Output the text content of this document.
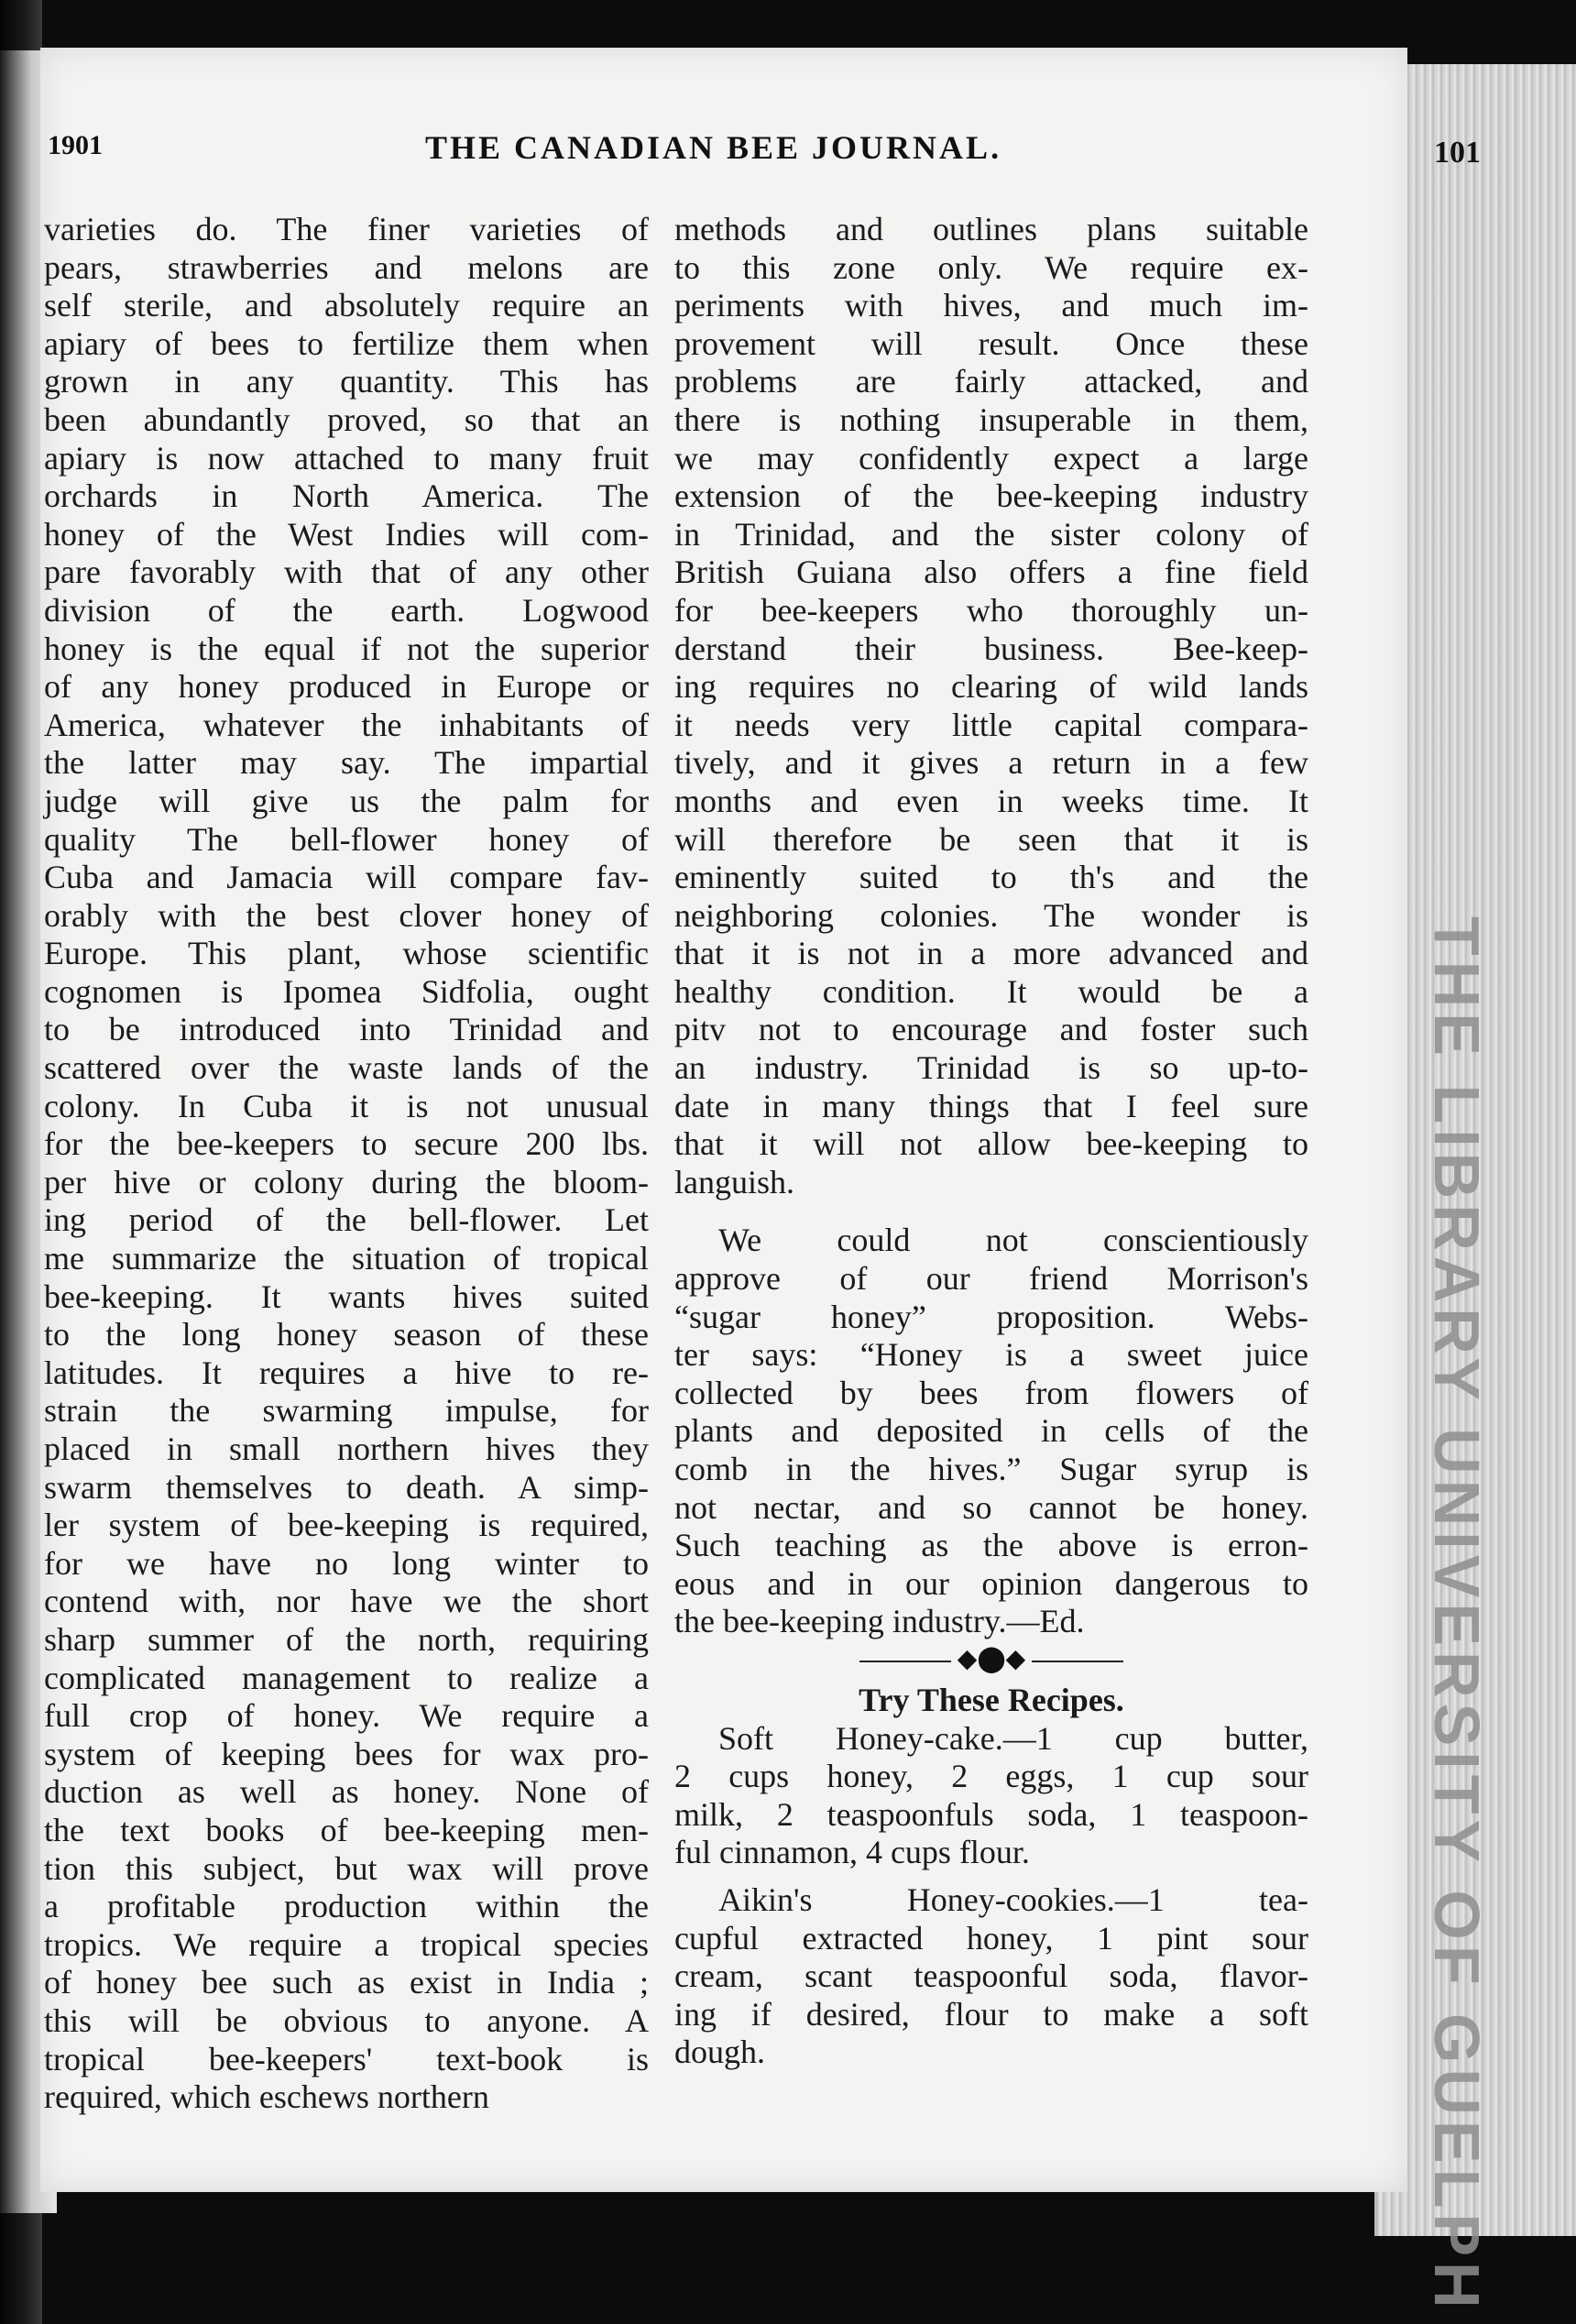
THE LIBRARY UNIVERSITY OF GUELPH
1901	THE CANADIAN BEE JOURNAL.	101
varieties do. The finer varieties of
pears, strawberries and melons are
self sterile, and absolutely require an
apiary of bees to fertilize them when
grown in any quantity. This has
been abundantly proved, so that an
apiary is now attached to many fruit
orchards in North America. The
honey of the West Indies will com-
pare favorably with that of any other
division of the earth. Logwood
honey is the equal if not the superior
of any honey produced in Europe or
America, whatever the inhabitants of
the latter may say. The impartial
judge will give us the palm for
quality The bell-flower honey of
Cuba and Jamacia will compare fav-
orably with the best clover honey of
Europe. This plant, whose scientific
cognomen is Ipomea Sidfolia, ought
to be introduced into Trinidad and
scattered over the waste lands of the
colony. In Cuba it is not unusual
for the bee-keepers to secure 200 lbs.
per hive or colony during the bloom-
ing period of the bell-flower. Let
me summarize the situation of tropical
bee-keeping. It wants hives suited
to the long honey season of these
latitudes. It requires a hive to re-
strain the swarming impulse, for
placed in small northern hives they
swarm themselves to death. A simp-
ler system of bee-keeping is required,
for we have no long winter to
contend with, nor have we the short
sharp summer of the north, requiring
complicated management to realize a
full crop of honey. We require a
system of keeping bees for wax pro-
duction as well as honey. None of
the text books of bee-keeping men-
tion this subject, but wax will prove
a profitable production within the
tropics. We require a tropical species
of honey bee such as exist in India ;
this will be obvious to anyone. A
tropical bee-keepers' text-book is
required, which eschews northern
methods and outlines plans suitable
to this zone only. We require ex-
periments with hives, and much im-
provement will result. Once these
problems are fairly attacked, and
there is nothing insuperable in them,
we may confidently expect a large
extension of the bee-keeping industry
in Trinidad, and the sister colony of
British Guiana also offers a fine field
for bee-keepers who thoroughly un-
derstand their business. Bee-keep-
ing requires no clearing of wild lands
it needs very little capital compara-
tively, and it gives a return in a few
months and even in weeks time. It
will therefore be seen that it is
eminently suited to th's and the
neighboring colonies. The wonder is
that it is not in a more advanced and
healthy condition. It would be a
pitv not to encourage and foster such
an industry. Trinidad is so up-to-
date in many things that I feel sure
that it will not allow bee-keeping to
languish.
We could not conscientiously
approve of our friend Morrison's
“sugar honey” proposition. Webs-
ter says: “Honey is a sweet juice
collected by bees from flowers of
plants and deposited in cells of the
comb in the hives.” Sugar syrup is
not nectar, and so cannot be honey.
Such teaching as the above is erron-
eous and in our opinion dangerous to
the bee-keeping industry.—Ed.
◆⬤◆
Try These Recipes.
Soft Honey-cake.—1 cup butter,
2 cups honey, 2 eggs, 1 cup sour
milk, 2 teaspoonfuls soda, 1 teaspoon-
ful cinnamon, 4 cups flour.
Aikin's Honey-cookies.—1 tea-
cupful extracted honey, 1 pint sour
cream, scant teaspoonful soda, flavor-
ing if desired, flour to make a soft
dough.
